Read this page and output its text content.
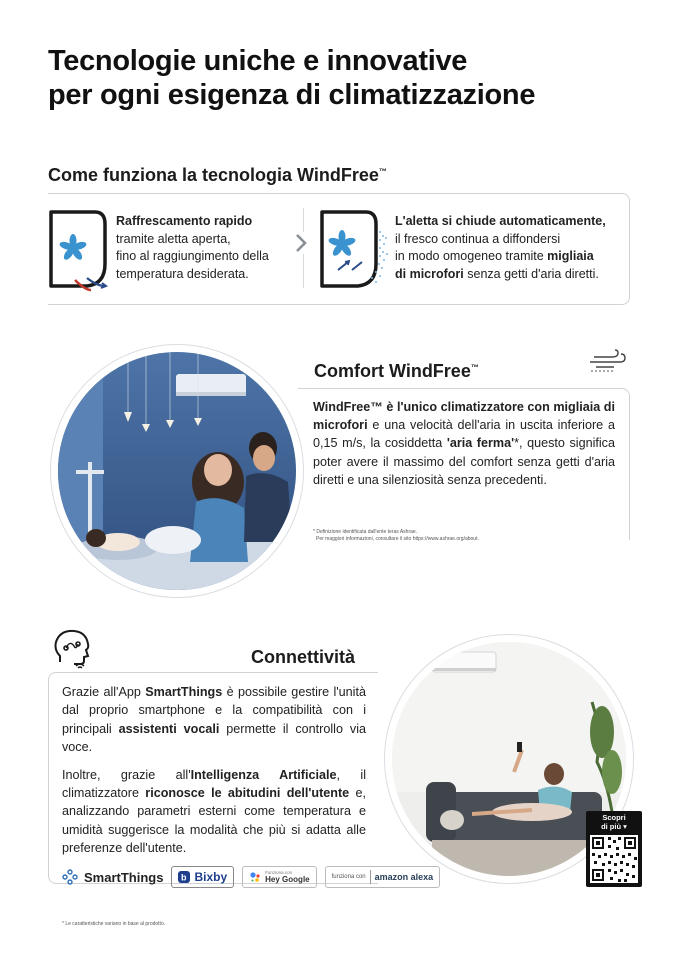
Tecnologie uniche e innovative
per ogni esigenza di climatizzazione
Come funziona la tecnologia WindFree™
Raffrescamento rapido
tramite aletta aperta,
fino al raggiungimento della
temperatura desiderata.
L'aletta si chiude automaticamente,
il fresco continua a diffondersi
in modo omogeneo tramite migliaia
di microfori senza getti d'aria diretti.
Comfort WindFree™

WindFree™ è l'unico climatizzatore con migliaia di microfori e una velocità dell'aria in uscita inferiore a 0,15 m/s, la cosiddetta 'aria ferma'*, questo significa poter avere il massimo del comfort senza getti d'aria diretti e una silenziosità senza precedenti.

* Definizione identificata dall'ente teras Ashrae.
Per maggiori informazioni, consultare il sito https://www.ashrae.org/about.
Connettività

Grazie all'App SmartThings è possibile gestire l'unità dal proprio smartphone e la compatibilità con i principali assistenti vocali permette il controllo via voce.

Inoltre, grazie all'Intelligenza Artificiale, il climatizzatore riconosce le abitudini dell'utente e, analizzando parametri esterni come temperatura e umidità suggerisce la modalità che più si adatta alle preferenze dell'utente.

SmartThings b Bixby	Funziona con
Hey Google	funziona con amazon alexa
Scopri
di più ▾
* Le caratteristiche variano in base al prodotto.
